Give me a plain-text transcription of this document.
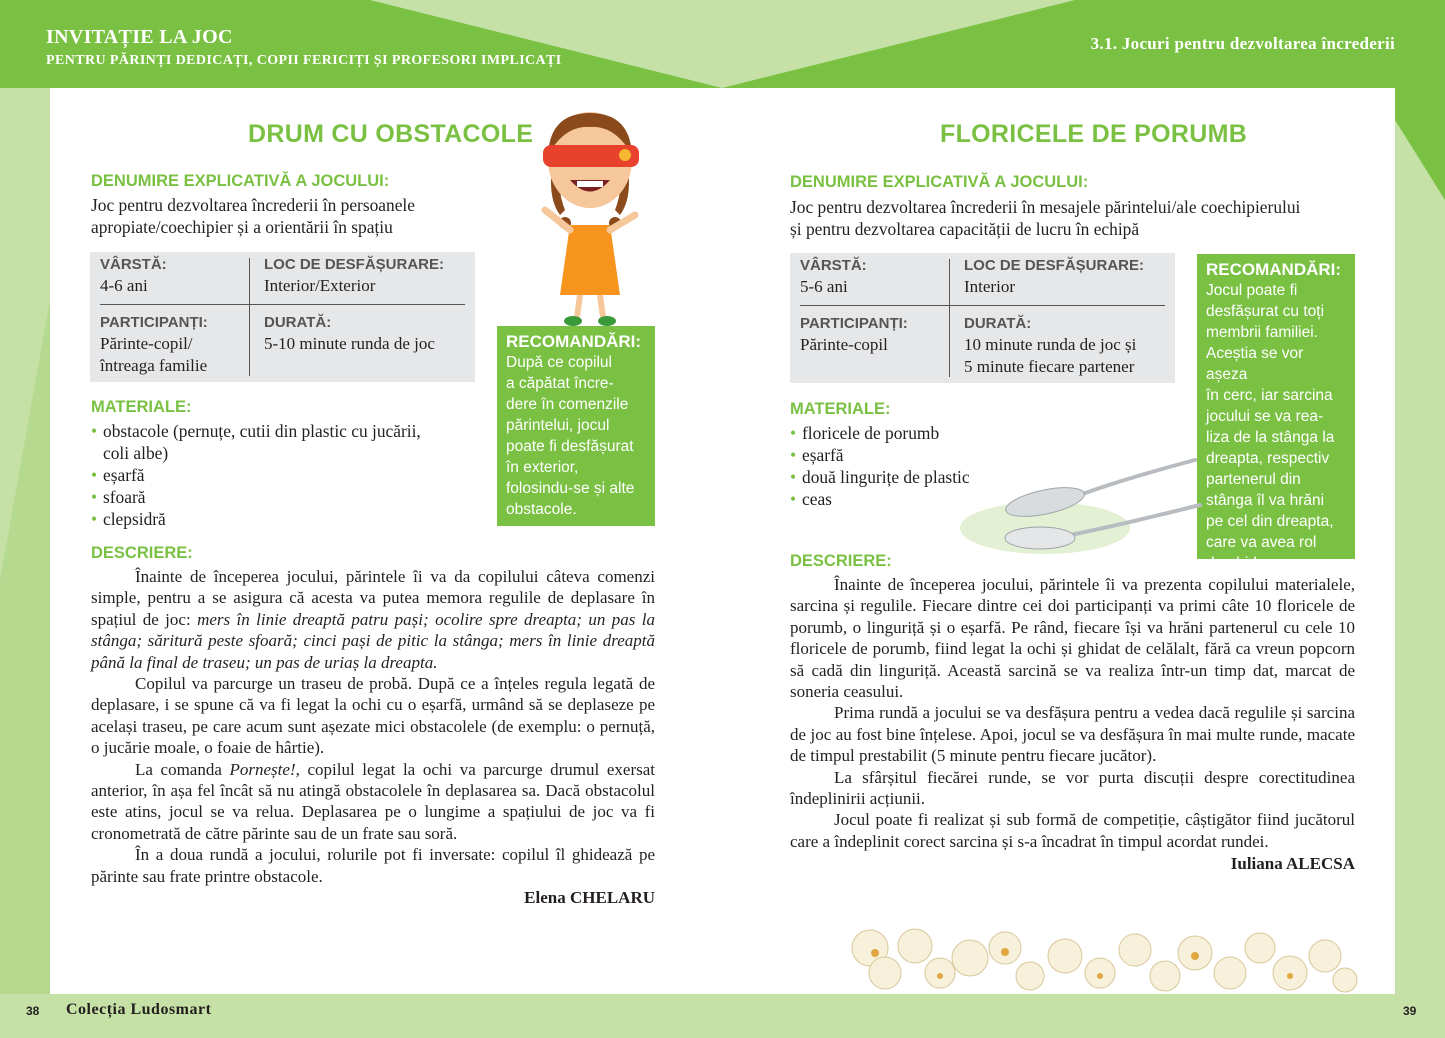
INVITAȚIE LA JOC
PENTRU PĂRINȚI DEDICAȚI, COPII FERICIȚI ȘI PROFESORI IMPLICAȚI
3.1. Jocuri pentru dezvoltarea încrederii
DRUM CU OBSTACOLE
DENUMIRE EXPLICATIVĂ A JOCULUI:
Joc pentru dezvoltarea încrederii în persoanele
apropiate/coechipier și a orientării în spațiu
VÂRSTĂ:
4-6 ani
LOC DE DESFĂȘURARE:
Interior/Exterior
PARTICIPANȚI:
Părinte-copil/
întreaga familie
DURATĂ:
5-10 minute runda de joc	RECOMANDĂRI:
După ce copilul
a căpătat încre-
dere în comenzile
părintelui, jocul
poate fi desfășurat
în exterior,
folosindu-se și alte
obstacole.
MATERIALE:
• obstacole (pernuțe, cutii din plastic cu jucării,
coli albe)
• eșarfă
• sfoară
• clepsidră
DESCRIERE:

Înainte de începerea jocului, părintele îi va da copilului câteva comenzi simple, pentru a se asigura că acesta va putea memora regulile de deplasare în spațiul de joc: mers în linie dreaptă patru pași; ocolire spre dreapta; un pas la stânga; săritură peste sfoară; cinci pași de pitic la stânga; mers în linie dreaptă până la final de traseu; un pas de uriaș la dreapta.

Copilul va parcurge un traseu de probă. După ce a înțeles regula legată de deplasare, i se spune că va fi legat la ochi cu o eșarfă, urmând să se deplaseze pe același traseu, pe care acum sunt așezate mici obstacolele (de exemplu: o pernuță, o jucărie moale, o foaie de hârtie).

La comanda Pornește!, copilul legat la ochi va parcurge drumul exersat anterior, în așa fel încât să nu atingă obstacolele în deplasarea sa. Dacă obstacolul este atins, jocul se va relua. Deplasarea pe o lungime a spațiului de joc va fi cronometrată de către părinte sau de un frate sau soră.

În a doua rundă a jocului, rolurile pot fi inversate: copilul îl ghidează pe părinte sau frate printre obstacole.

Elena CHELARU
FLORICELE DE PORUMB
DENUMIRE EXPLICATIVĂ A JOCULUI:
Joc pentru dezvoltarea încrederii în mesajele părintelui/ale coechipierului
și pentru dezvoltarea capacității de lucru în echipă
VÂRSTĂ:
5-6 ani
LOC DE DESFĂȘURARE:
Interior
PARTICIPANȚI:
Părinte-copil
DURATĂ:
10 minute runda de joc și
5 minute fiecare partener
RECOMANDĂRI:
Jocul poate fi
desfășurat cu toți
membrii familiei.
Aceștia se vor așeza
în cerc, iar sarcina
jocului se va rea-
liza de la stânga la
dreapta, respectiv
partenerul din
stânga îl va hrăni
pe cel din dreapta,
care va avea rol
de ghid.
MATERIALE:
• floricele de porumb
• eșarfă
• două lingurițe de plastic
• ceas
DESCRIERE:

Înainte de începerea jocului, părintele îi va prezenta copilului materialele, sarcina și regulile. Fiecare dintre cei doi participanți va primi câte 10 floricele de porumb, o linguriță și o eșarfă. Pe rând, fiecare își va hrăni partenerul cu cele 10 floricele de porumb, fiind legat la ochi și ghidat de celălalt, fără ca vreun popcorn să cadă din linguriță. Această sarcină se va realiza într-un timp dat, marcat de soneria ceasului.

Prima rundă a jocului se va desfășura pentru a vedea dacă regulile și sarcina de joc au fost bine înțelese. Apoi, jocul se va desfășura în mai multe runde, macate de timpul prestabilit (5 minute pentru fiecare jucător).

La sfârșitul fiecărei runde, se vor purta discuții despre corectitudinea îndeplinirii acțiunii.

Jocul poate fi realizat și sub formă de competiție, câștigător fiind jucătorul care a îndeplinit corect sarcina și s-a încadrat în timpul acordat rundei.

Iuliana ALECSA
38 Colecția Ludosmart	39
